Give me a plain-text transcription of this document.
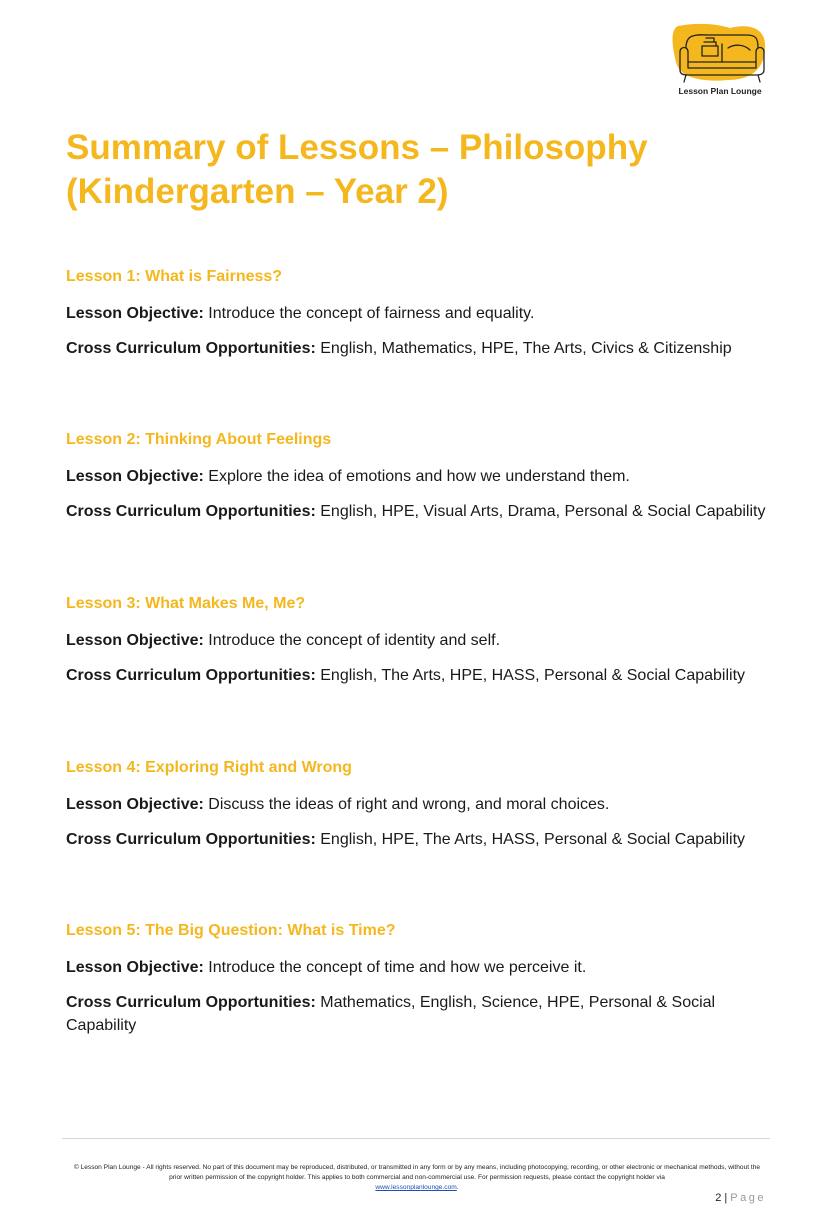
Lesson Plan Lounge
Summary of Lessons – Philosophy (Kindergarten – Year 2)
Lesson 1: What is Fairness?
Lesson Objective: Introduce the concept of fairness and equality.
Cross Curriculum Opportunities: English, Mathematics, HPE, The Arts, Civics & Citizenship
Lesson 2: Thinking About Feelings
Lesson Objective: Explore the idea of emotions and how we understand them.
Cross Curriculum Opportunities: English, HPE, Visual Arts, Drama, Personal & Social Capability
Lesson 3: What Makes Me, Me?
Lesson Objective: Introduce the concept of identity and self.
Cross Curriculum Opportunities: English, The Arts, HPE, HASS, Personal & Social Capability
Lesson 4: Exploring Right and Wrong
Lesson Objective: Discuss the ideas of right and wrong, and moral choices.
Cross Curriculum Opportunities: English, HPE, The Arts, HASS, Personal & Social Capability
Lesson 5: The Big Question: What is Time?
Lesson Objective: Introduce the concept of time and how we perceive it.
Cross Curriculum Opportunities: Mathematics, English, Science, HPE, Personal & Social Capability
© Lesson Plan Lounge - All rights reserved. No part of this document may be reproduced, distributed, or transmitted in any form or by any means, including photocopying, recording, or other electronic or mechanical methods, without the prior written permission of the copyright holder. This applies to both commercial and non-commercial use. For permission requests, please contact the copyright holder via
www.lessonplanlounge.com.
2 | Page
